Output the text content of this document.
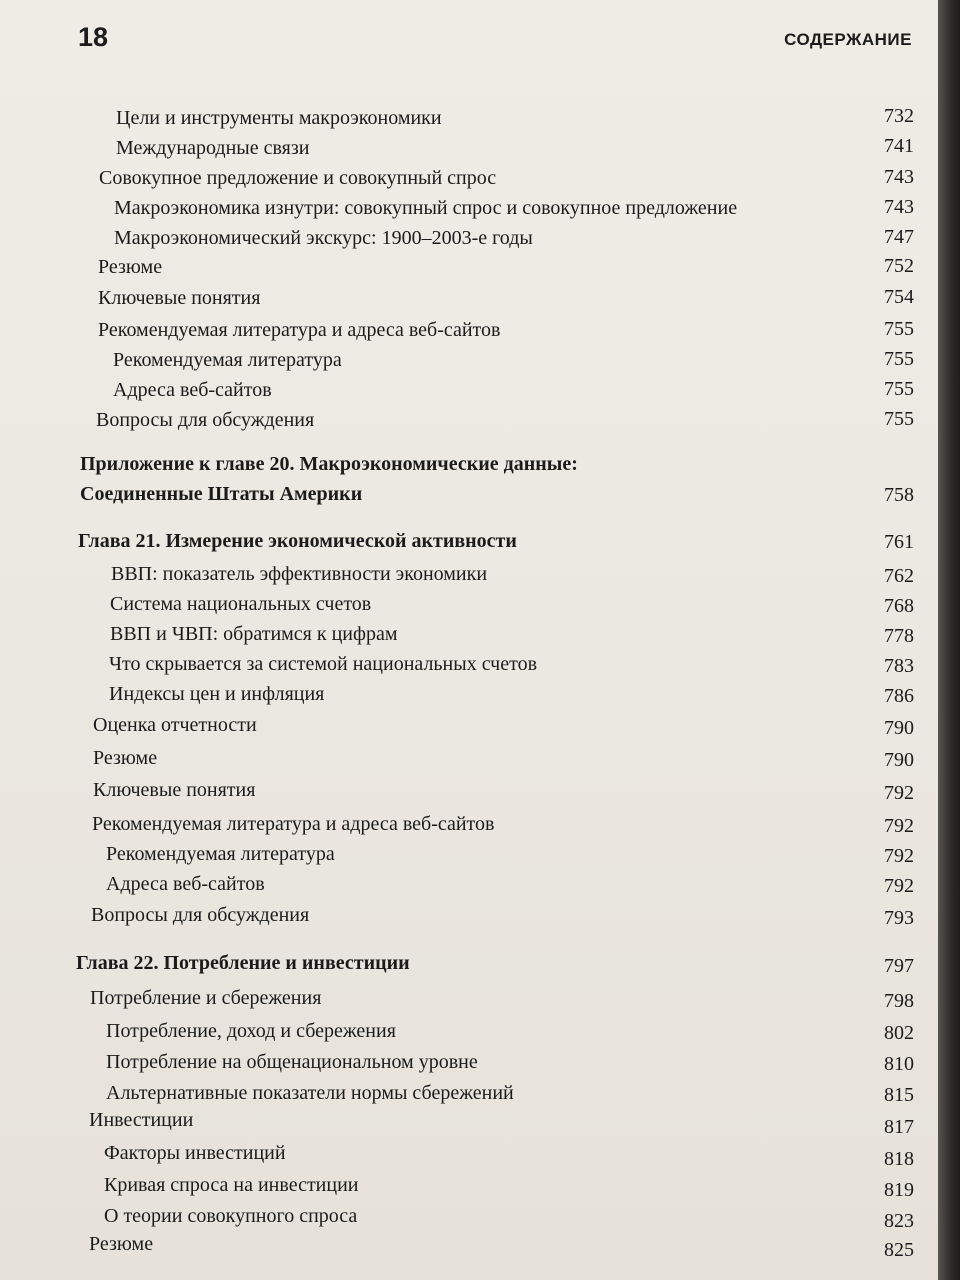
18	СОДЕРЖАНИЕ
Цели и инструменты макроэкономики	732
Международные связи	741
Совокупное предложение и совокупный спрос	743
Макроэкономика изнутри: совокупный спрос и совокупное предложение	743
Макроэкономический экскурс: 1900–2003-е годы	747
Резюме	752
Ключевые понятия	754
Рекомендуемая литература и адреса веб-сайтов	755
Рекомендуемая литература	755
Адреса веб-сайтов	755
Вопросы для обсуждения	755
Приложение к главе 20. Макроэкономические данные:
Соединенные Штаты Америки	758
Глава 21. Измерение экономической активности	761
ВВП: показатель эффективности экономики	762
Система национальных счетов	768
ВВП и ЧВП: обратимся к цифрам	778
Что скрывается за системой национальных счетов	783
Индексы цен и инфляция	786
Оценка отчетности	790
Резюме	790
Ключевые понятия	792
Рекомендуемая литература и адреса веб-сайтов	792
Рекомендуемая литература	792
Адреса веб-сайтов	792
Вопросы для обсуждения	793
Глава 22. Потребление и инвестиции	797
Потребление и сбережения	798
Потребление, доход и сбережения	802
Потребление на общенациональном уровне	810
Альтернативные показатели нормы сбережений	815
Инвестиции	817
Факторы инвестиций	818
Кривая спроса на инвестиции	819
О теории совокупного спроса	823
Резюме	825
